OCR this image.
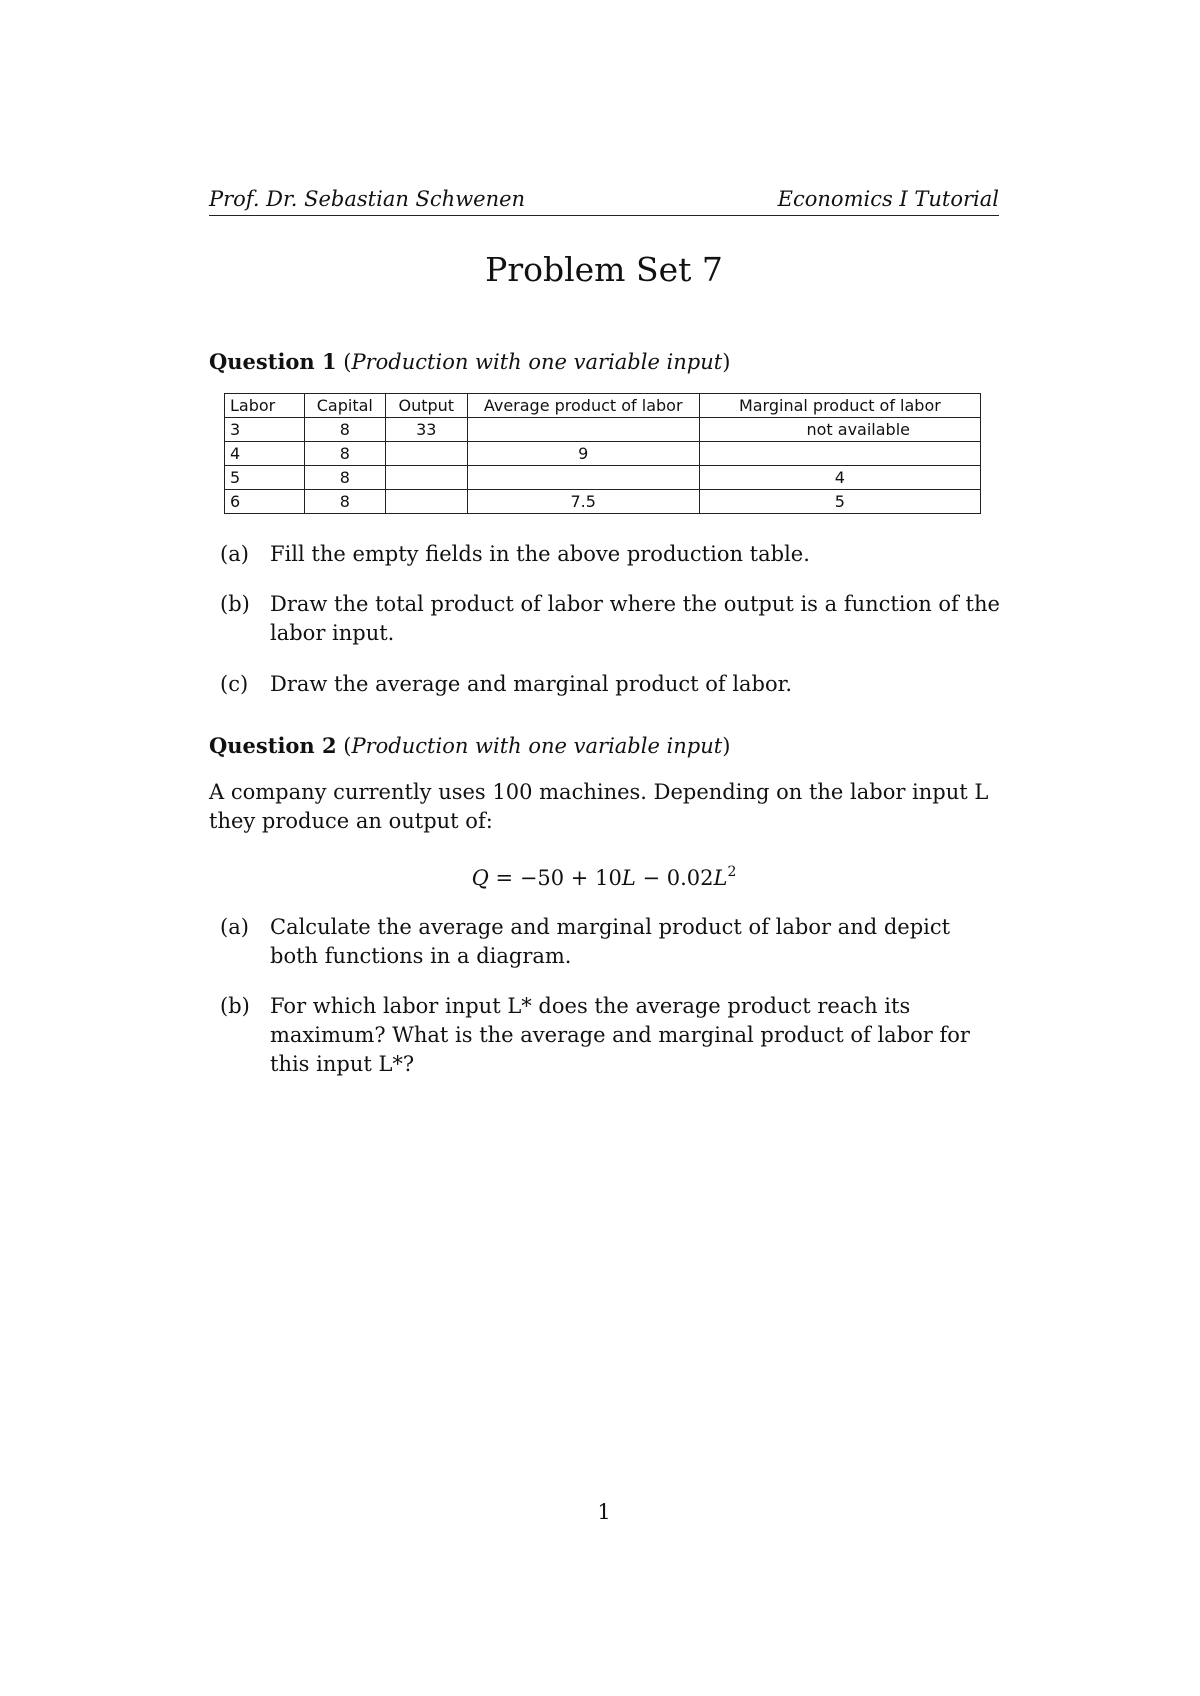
Prof. Dr. Sebastian Schwenen	Economics I Tutorial
Problem Set 7
Question 1 (Production with one variable input)
Labor	Capital	Output	Average product of labor	Marginal product of labor
3	8	33		not available
4	8		9	
5	8			4
6	8		7.5	5
(a) Fill the empty fields in the above production table.
(b) Draw the total product of labor where the output is a function of the labor input.
(c) Draw the average and marginal product of labor.
Question 2 (Production with one variable input)
A company currently uses 100 machines. Depending on the labor input L they produce an output of:
$Q = -50 + 10L - 0.02L^2$
(a) Calculate the average and marginal product of labor and depict both functions in a diagram.
(b) For which labor input L* does the average product reach its maximum? What is the average and marginal product of labor for this input L*?
1
